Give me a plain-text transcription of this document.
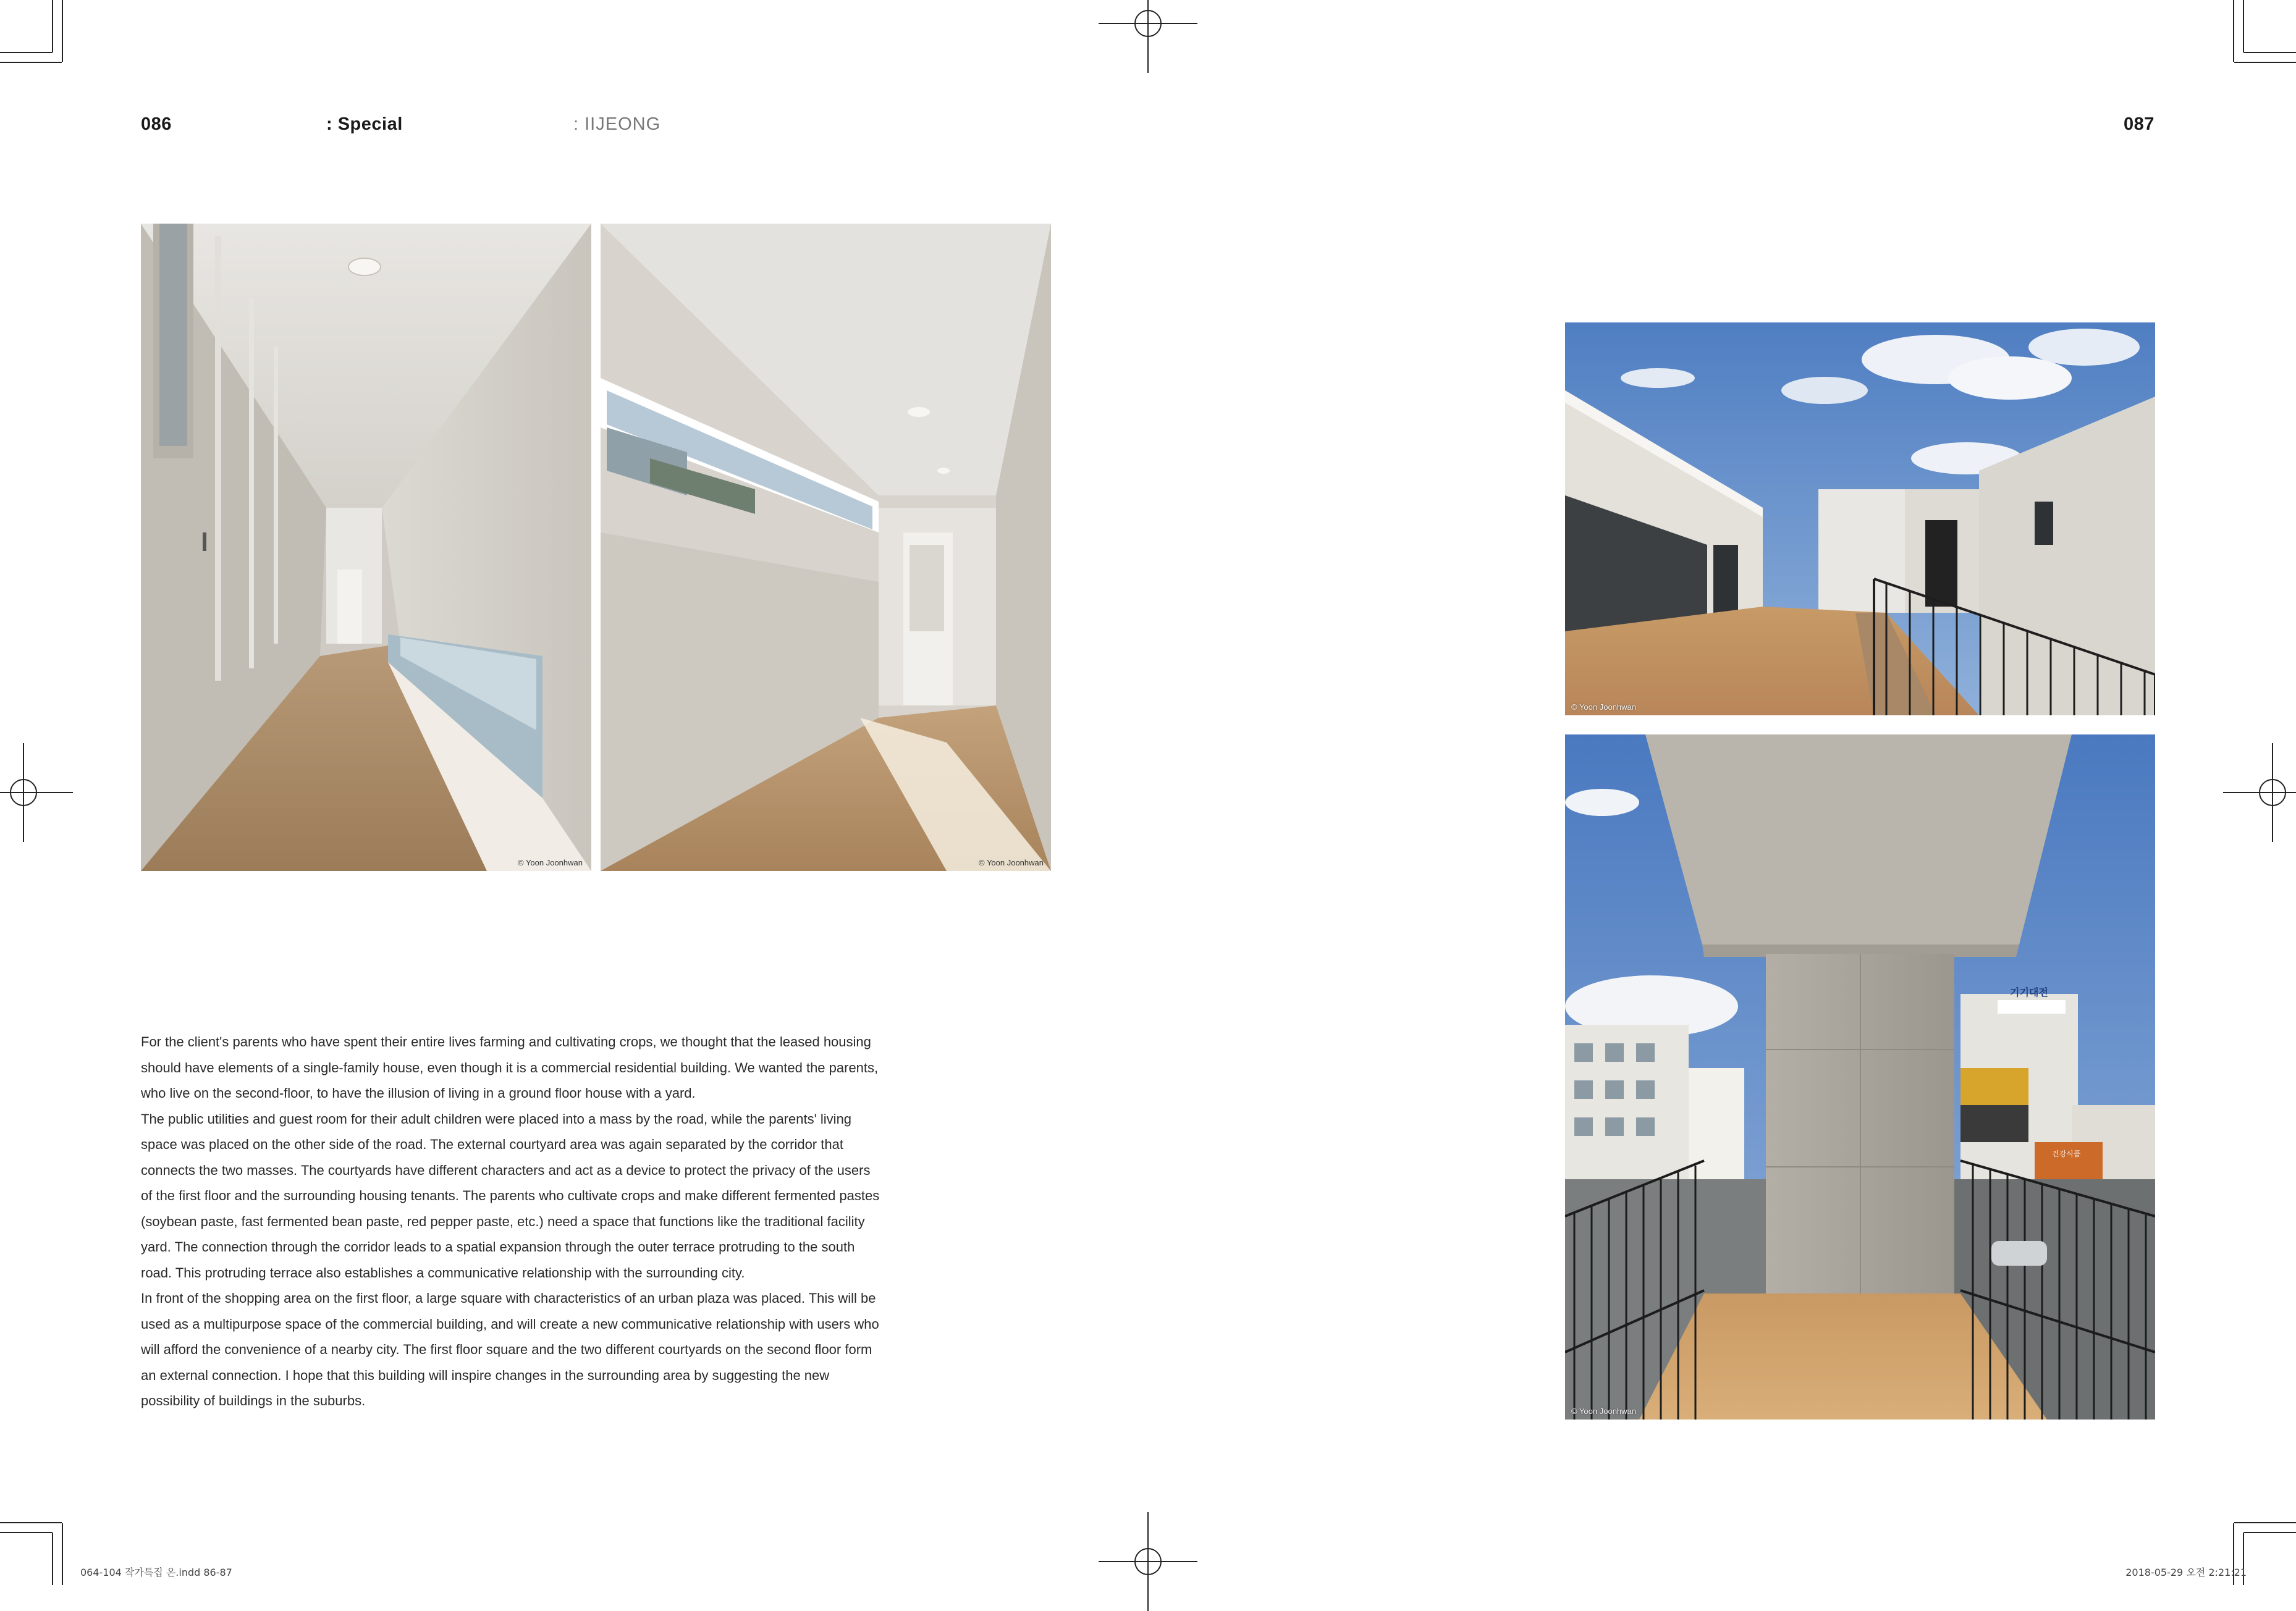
086	: Special	: IIJEONG	087
© Yoon Joonhwan	© Yoon Joonhwan
© Yoon Joonhwan
기기대전
건강식품
© Yoon Joonhwan

For the client's parents who have spent their entire lives farming and cultivating crops, we thought that the leased housing should have elements of a single-family house, even though it is a commercial residential building. We wanted the parents, who live on the second-floor, to have the illusion of living in a ground floor house with a yard.

The public utilities and guest room for their adult children were placed into a mass by the road, while the parents' living space was placed on the other side of the road. The external courtyard area was again separated by the corridor that connects the two masses. The courtyards have different characters and act as a device to protect the privacy of the users of the first floor and the surrounding housing tenants. The parents who cultivate crops and make different fermented pastes (soybean paste, fast fermented bean paste, red pepper paste, etc.) need a space that functions like the traditional facility yard. The connection through the corridor leads to a spatial expansion through the outer terrace protruding to the south road. This protruding terrace also establishes a communicative relationship with the surrounding city.

In front of the shopping area on the first floor, a large square with characteristics of an urban plaza was placed. This will be used as a multipurpose space of the commercial building, and will create a new communicative relationship with users who will afford the convenience of a nearby city. The first floor square and the two different courtyards on the second floor form an external connection. I hope that this building will inspire changes in the surrounding area by suggesting the new possibility of buildings in the suburbs.

064-104 작가특집 온.indd 86-87	2018-05-29 오전 2:21:21
